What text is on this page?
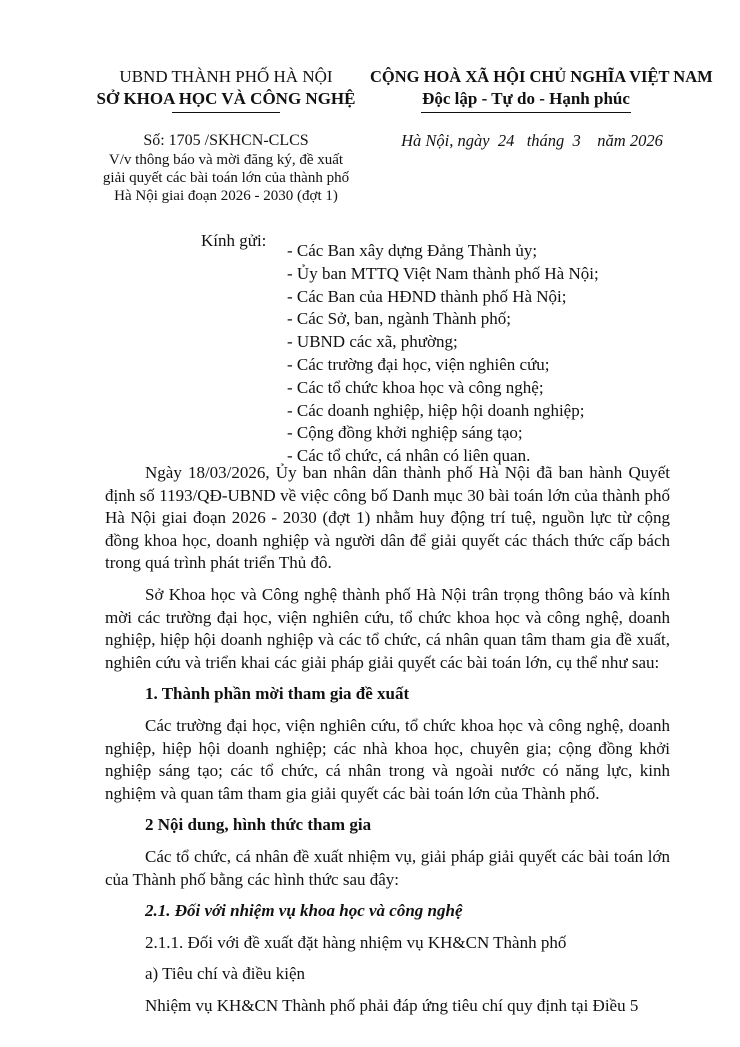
UBND THÀNH PHỐ HÀ NỘI
SỞ KHOA HỌC VÀ CÔNG NGHỆ
CỘNG HOÀ XÃ HỘI CHỦ NGHĨA VIỆT NAM
Độc lập - Tự do - Hạnh phúc
Số: 1705 /SKHCN-CLCS
V/v thông báo và mời đăng ký, đề xuất
giải quyết các bài toán lớn của thành phố
Hà Nội giai đoạn 2026 - 2030 (đợt 1)
Hà Nội, ngày  24   tháng  3    năm 2026
Kính gửi:
- Các Ban xây dựng Đảng Thành ủy;
- Ủy ban MTTQ Việt Nam thành phố Hà Nội;
- Các Ban của HĐND thành phố Hà Nội;
- Các Sở, ban, ngành Thành phố;
- UBND các xã, phường;
- Các trường đại học, viện nghiên cứu;
- Các tổ chức khoa học và công nghệ;
- Các doanh nghiệp, hiệp hội doanh nghiệp;
- Cộng đồng khởi nghiệp sáng tạo;
- Các tổ chức, cá nhân có liên quan.

Ngày 18/03/2026, Ủy ban nhân dân thành phố Hà Nội đã ban hành Quyết định số 1193/QĐ-UBND về việc công bố Danh mục 30 bài toán lớn của thành phố Hà Nội giai đoạn 2026 - 2030 (đợt 1) nhằm huy động trí tuệ, nguồn lực từ cộng đồng khoa học, doanh nghiệp và người dân để giải quyết các thách thức cấp bách trong quá trình phát triển Thủ đô.

Sở Khoa học và Công nghệ thành phố Hà Nội trân trọng thông báo và kính mời các trường đại học, viện nghiên cứu, tổ chức khoa học và công nghệ, doanh nghiệp, hiệp hội doanh nghiệp và các tổ chức, cá nhân quan tâm tham gia đề xuất, nghiên cứu và triển khai các giải pháp giải quyết các bài toán lớn, cụ thể như sau:

1. Thành phần mời tham gia đề xuất

Các trường đại học, viện nghiên cứu, tổ chức khoa học và công nghệ, doanh nghiệp, hiệp hội doanh nghiệp; các nhà khoa học, chuyên gia; cộng đồng khởi nghiệp sáng tạo; các tổ chức, cá nhân trong và ngoài nước có năng lực, kinh nghiệm và quan tâm tham gia giải quyết các bài toán lớn của Thành phố.

2 Nội dung, hình thức tham gia

Các tổ chức, cá nhân đề xuất nhiệm vụ, giải pháp giải quyết các bài toán lớn của Thành phố bằng các hình thức sau đây:

2.1. Đối với nhiệm vụ khoa học và công nghệ

2.1.1. Đối với đề xuất đặt hàng nhiệm vụ KH&CN Thành phố

a) Tiêu chí và điều kiện

Nhiệm vụ KH&CN Thành phố phải đáp ứng tiêu chí quy định tại Điều 5
